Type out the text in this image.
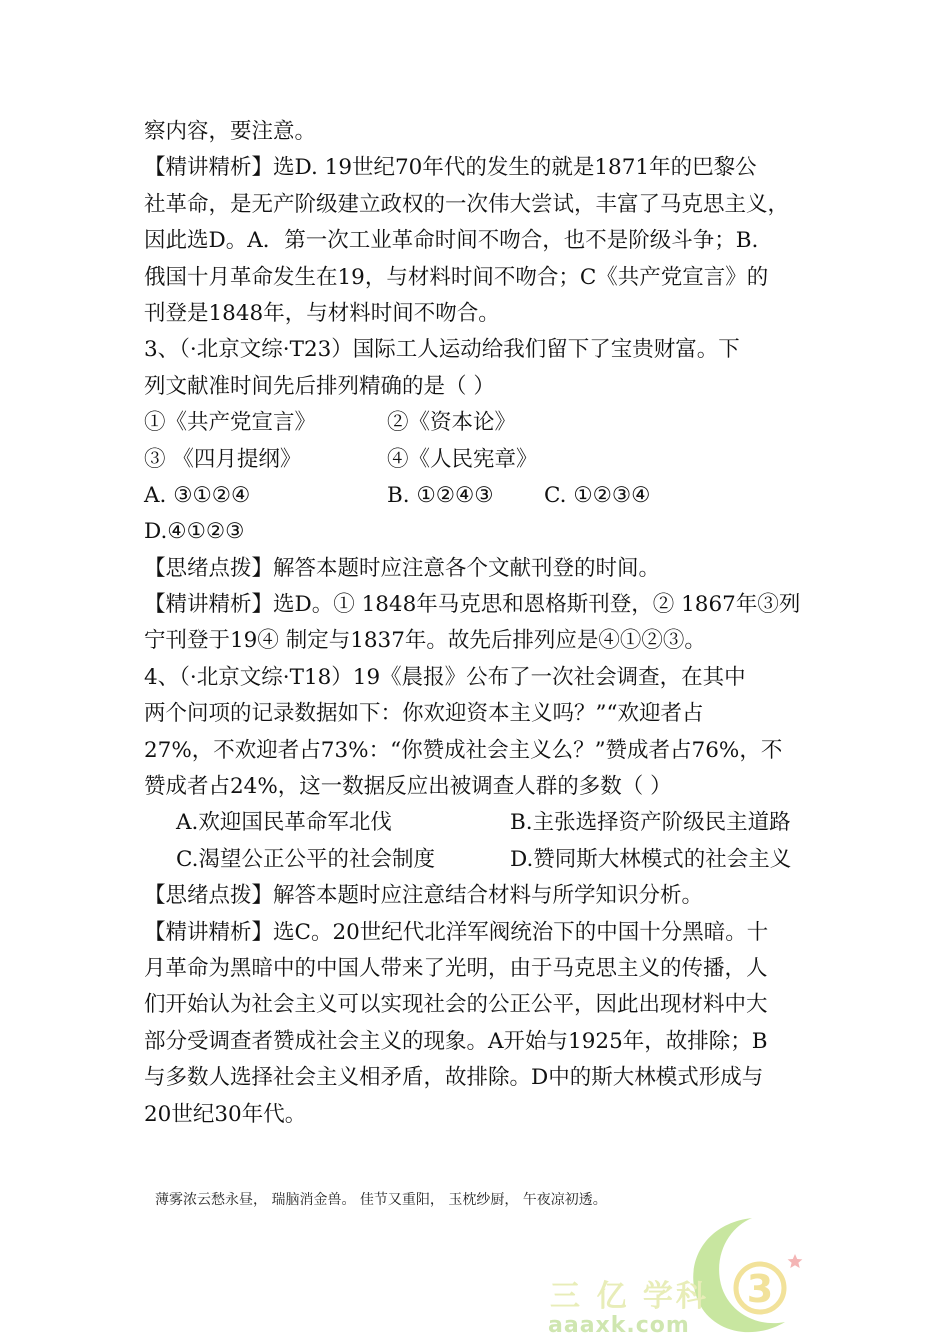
察内容，要注意。
【精讲精析】选D. 19世纪70年代的发生的就是1871年的巴黎公
社革命，是无产阶级建立政权的一次伟大尝试，丰富了马克思主义，
因此选D。A．第一次工业革命时间不吻合，也不是阶级斗争；B．
俄国十月革命发生在19，与材料时间不吻合；C《共产党宣言》的
刊登是1848年，与材料时间不吻合。
3、（·北京文综·T23）国际工人运动给我们留下了宝贵财富。下
列文献准时间先后排列精确的是（ ）
①《共产党宣言》	②《资本论》
③ 《四月提纲》	④《人民宪章》
A. ③①②④	B. ①②④③ C. ①②③④
D.④①②③
【思绪点拨】解答本题时应注意各个文献刊登的时间。
【精讲精析】选D。① 1848年马克思和恩格斯刊登，② 1867年③列
宁刊登于19④ 制定与1837年。故先后排列应是④①②③。
4、（·北京文综·T18）19《晨报》公布了一次社会调查，在其中
两个问项的记录数据如下：你欢迎资本主义吗？”“欢迎者占
27%，不欢迎者占73%：“你赞成社会主义么？”赞成者占76%，不
赞成者占24%，这一数据反应出被调查人群的多数（ ）
A.欢迎国民革命军北伐	B.主张选择资产阶级民主道路
C.渴望公正公平的社会制度	D.赞同斯大林模式的社会主义
【思绪点拨】解答本题时应注意结合材料与所学知识分析。
【精讲精析】选C。20世纪代北洋军阀统治下的中国十分黑暗。十
月革命为黑暗中的中国人带来了光明，由于马克思主义的传播，人
们开始认为社会主义可以实现社会的公正公平，因此出现材料中大
部分受调查者赞成社会主义的现象。A开始与1925年，故排除；B
与多数人选择社会主义相矛盾，故排除。D中的斯大林模式形成与
20世纪30年代。
薄雾浓云愁永昼， 瑞脑消金兽。 佳节又重阳， 玉枕纱厨， 午夜凉初透。
3
三 亿 学科
aaaxk.com
